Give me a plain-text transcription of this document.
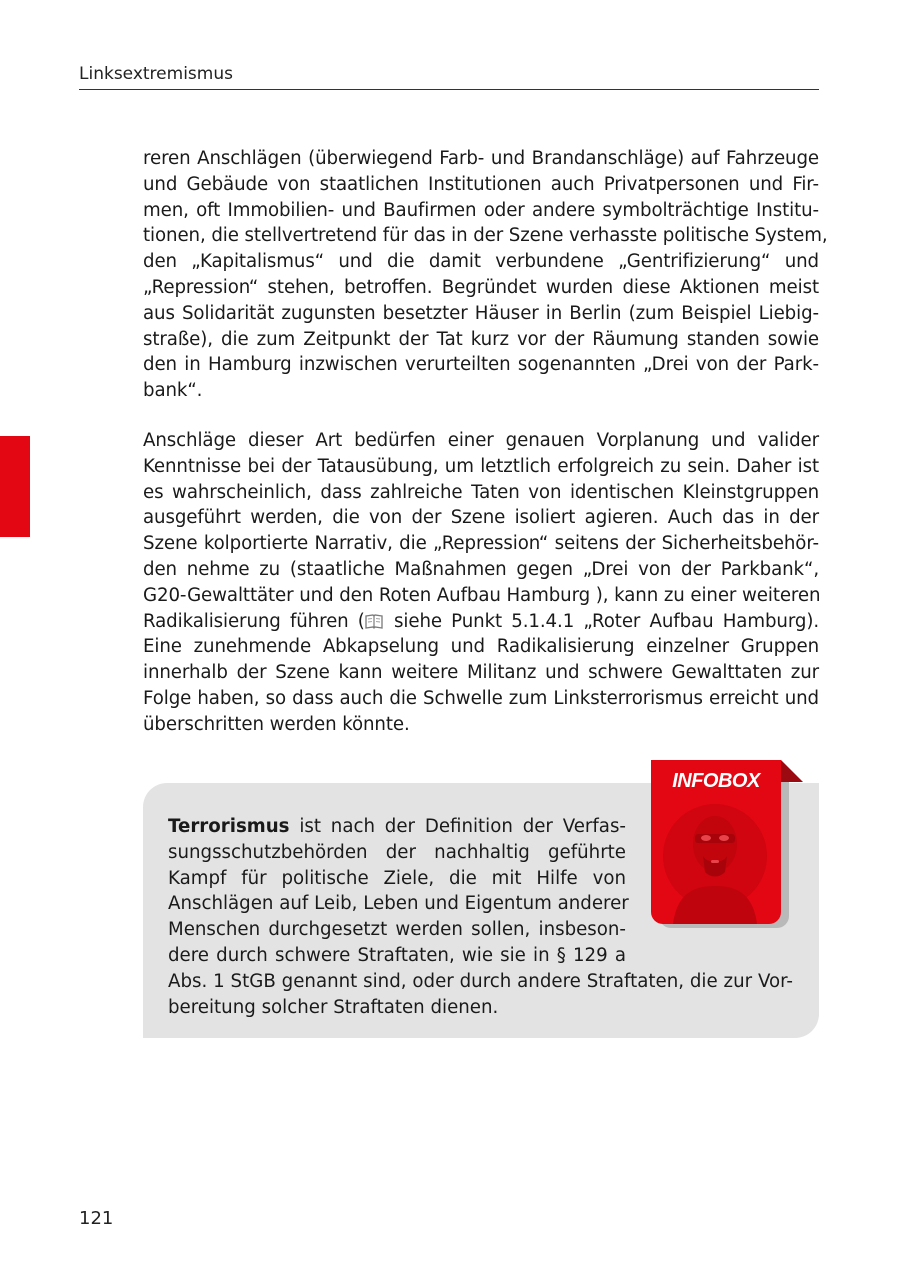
Linksextremismus

reren Anschlägen (überwiegend Farb- und Brandanschläge) auf Fahrzeuge
und Gebäude von staatlichen Institutionen auch Privatpersonen und Fir-
men, oft Immobilien- und Baufirmen oder andere symbolträchtige Institu-
tionen, die stellvertretend für das in der Szene verhasste politische System,
den „Kapitalismus“ und die damit verbundene „Gentrifizierung“ und
„Repression“ stehen, betroffen. Begründet wurden diese Aktionen meist
aus Solidarität zugunsten besetzter Häuser in Berlin (zum Beispiel Liebig-
straße), die zum Zeitpunkt der Tat kurz vor der Räumung standen sowie
den in Hamburg inzwischen verurteilten sogenannten „Drei von der Park-
bank“.

Anschläge dieser Art bedürfen einer genauen Vorplanung und valider
Kenntnisse bei der Tatausübung, um letztlich erfolgreich zu sein. Daher ist
es wahrscheinlich, dass zahlreiche Taten von identischen Kleinstgruppen
ausgeführt werden, die von der Szene isoliert agieren. Auch das in der
Szene kolportierte Narrativ, die „Repression“ seitens der Sicherheitsbehör-
den nehme zu (staatliche Maßnahmen gegen „Drei von der Parkbank“,
G20-Gewalttäter und den Roten Aufbau Hamburg ), kann zu einer weiteren
Radikalisierung führen ( siehe Punkt 5.1.4.1 „Roter Aufbau Hamburg).
Eine zunehmende Abkapselung und Radikalisierung einzelner Gruppen
innerhalb der Szene kann weitere Militanz und schwere Gewalttaten zur
Folge haben, so dass auch die Schwelle zum Linksterrorismus erreicht und
überschritten werden könnte.

Terrorismus ist nach der Definition der Verfas-
sungsschutzbehörden der nachhaltig geführte
Kampf für politische Ziele, die mit Hilfe von
Anschlägen auf Leib, Leben und Eigentum anderer
Menschen durchgesetzt werden sollen, insbeson-
dere durch schwere Straftaten, wie sie in § 129 a
Abs. 1 StGB genannt sind, oder durch andere Straftaten, die zur Vor-
bereitung solcher Straftaten dienen.
INFOBOX
121
